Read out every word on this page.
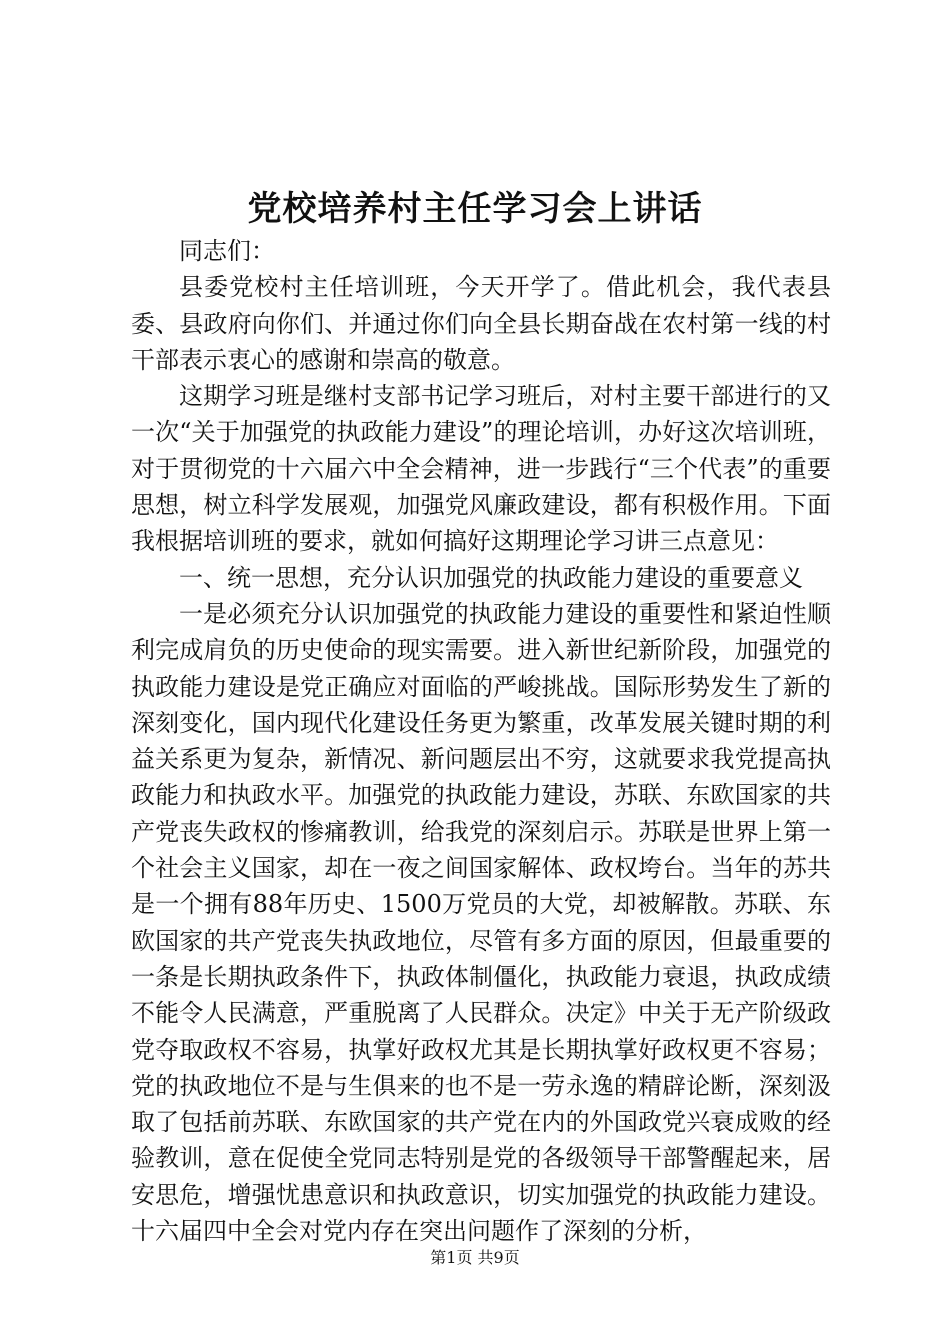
党校培养村主任学习会上讲话

同志们：

县委党校村主任培训班，今天开学了。借此机会，我代表县委、县政府向你们、并通过你们向全县长期奋战在农村第一线的村干部表示衷心的感谢和崇高的敬意。

这期学习班是继村支部书记学习班后，对村主要干部进行的又一次“关于加强党的执政能力建设”的理论培训，办好这次培训班，对于贯彻党的十六届六中全会精神，进一步践行“三个代表”的重要思想，树立科学发展观，加强党风廉政建设，都有积极作用。下面我根据培训班的要求，就如何搞好这期理论学习讲三点意见：

一、统一思想，充分认识加强党的执政能力建设的重要意义

一是必须充分认识加强党的执政能力建设的重要性和紧迫性顺利完成肩负的历史使命的现实需要。进入新世纪新阶段，加强党的执政能力建设是党正确应对面临的严峻挑战。国际形势发生了新的深刻变化，国内现代化建设任务更为繁重，改革发展关键时期的利益关系更为复杂，新情况、新问题层出不穷，这就要求我党提高执政能力和执政水平。加强党的执政能力建设，苏联、东欧国家的共产党丧失政权的惨痛教训，给我党的深刻启示。苏联是世界上第一个社会主义国家，却在一夜之间国家解体、政权垮台。当年的苏共是一个拥有88年历史、1500万党员的大党，却被解散。苏联、东欧国家的共产党丧失执政地位，尽管有多方面的原因，但最重要的一条是长期执政条件下，执政体制僵化，执政能力衰退，执政成绩不能令人民满意，严重脱离了人民群众。决定》中关于无产阶级政党夺取政权不容易，执掌好政权尤其是长期执掌好政权更不容易；党的执政地位不是与生俱来的也不是一劳永逸的精辟论断，深刻汲取了包括前苏联、东欧国家的共产党在内的外国政党兴衰成败的经验教训，意在促使全党同志特别是党的各级领导干部警醒起来，居安思危，增强忧患意识和执政意识，切实加强党的执政能力建设。十六届四中全会对党内存在突出问题作了深刻的分析，

第1页 共9页
